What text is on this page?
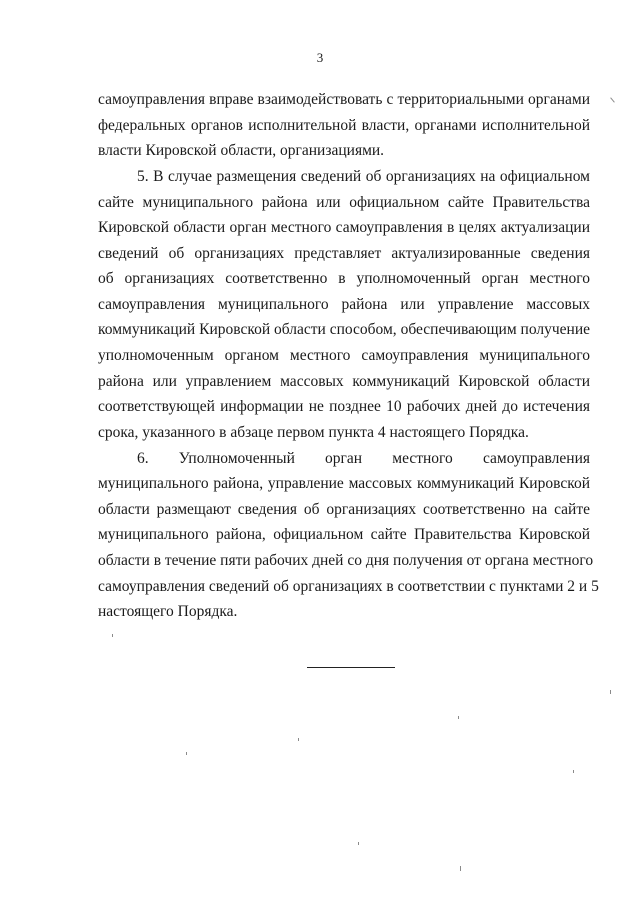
3
самоуправления вправе взаимодействовать с территориальными органами
федеральных органов исполнительной власти, органами исполнительной
власти Кировской области, организациями.
5. В случае размещения сведений об организациях на официальном
сайте муниципального района или официальном сайте Правительства
Кировской области орган местного самоуправления в целях актуализации
сведений об организациях представляет актуализированные сведения
об организациях соответственно в уполномоченный орган местного
самоуправления муниципального района или управление массовых
коммуникаций Кировской области способом, обеспечивающим получение
уполномоченным органом местного самоуправления муниципального
района или управлением массовых коммуникаций Кировской области
соответствующей информации не позднее 10 рабочих дней до истечения
срока, указанного в абзаце первом пункта 4 настоящего Порядка.
6. Уполномоченный орган местного самоуправления
муниципального района, управление массовых коммуникаций Кировской
области размещают сведения об организациях соответственно на сайте
муниципального района, официальном сайте Правительства Кировской
области в течение пяти рабочих дней со дня получения от органа местного
самоуправления сведений об организациях в соответствии с пунктами 2 и 5
настоящего Порядка.
